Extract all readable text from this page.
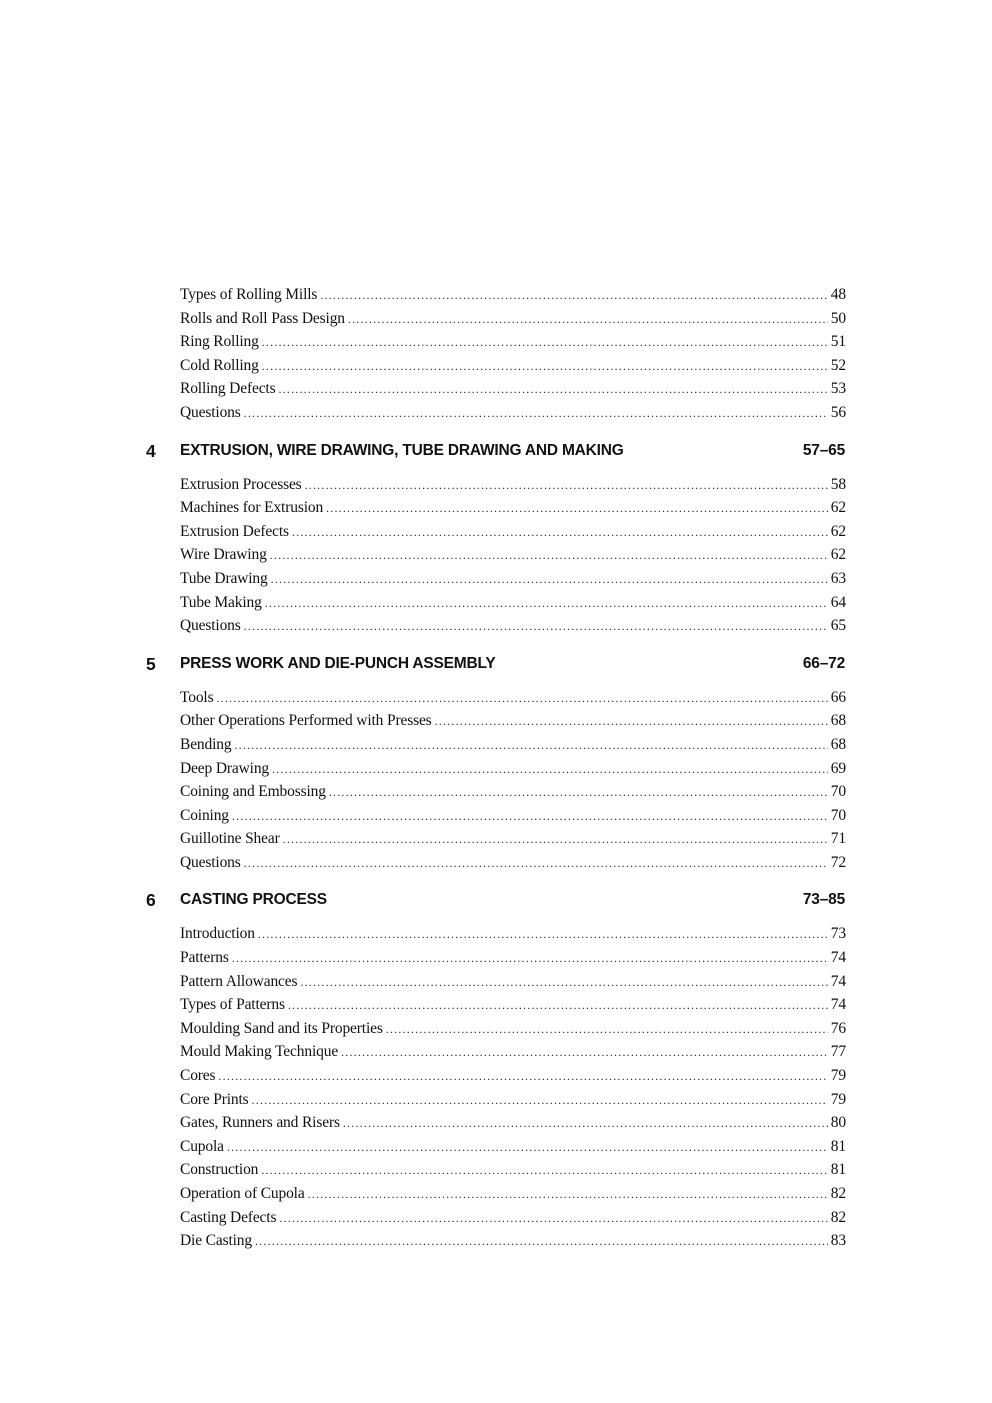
Types of Rolling Mills .....	48
Rolls and Roll Pass Design .....	50
Ring Rolling .....	51
Cold Rolling .....	52
Rolling Defects .....	53
Questions .....	56
4 EXTRUSION, WIRE DRAWING, TUBE DRAWING AND MAKING	57–65
Extrusion Processes .....	58
Machines for Extrusion .....	62
Extrusion Defects .....	62
Wire Drawing .....	62
Tube Drawing .....	63
Tube Making .....	64
Questions .....	65
5 PRESS WORK AND DIE-PUNCH ASSEMBLY	66–72
Tools .....	66
Other Operations Performed with Presses .....	68
Bending .....	68
Deep Drawing .....	69
Coining and Embossing .....	70
Coining .....	70
Guillotine Shear .....	71
Questions .....	72
6 CASTING PROCESS	73–85
Introduction .....	73
Patterns .....	74
Pattern Allowances .....	74
Types of Patterns .....	74
Moulding Sand and its Properties .....	76
Mould Making Technique .....	77
Cores .....	79
Core Prints .....	79
Gates, Runners and Risers .....	80
Cupola .....	81
Construction .....	81
Operation of Cupola .....	82
Casting Defects .....	82
Die Casting .....	83
